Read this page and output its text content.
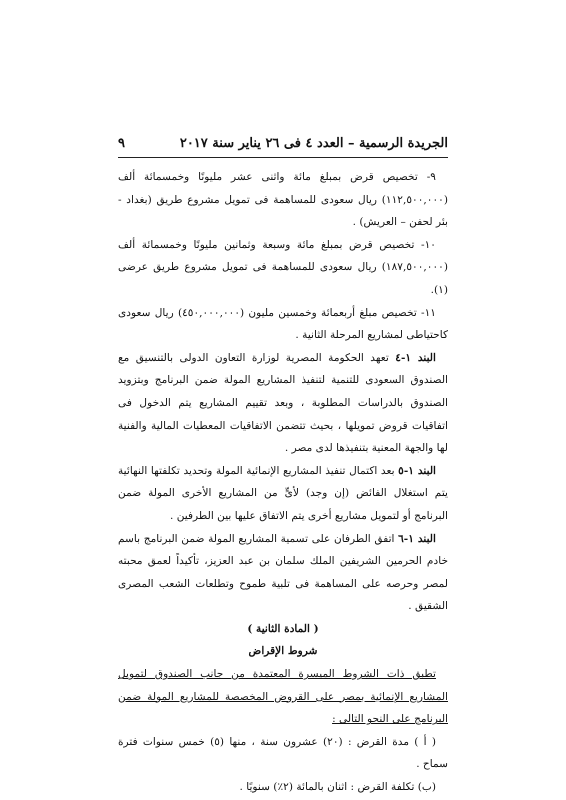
٩	الجريدة الرسمية – العدد ٤ فى ٢٦ يناير سنة ٢٠١٧

٩- تخصيص قرض بمبلغ مائة واثنى عشر مليونًا وخمسمائة ألف (١١٢,٥٠٠,٠٠٠) ريال سعودى للمساهمة فى تمويل مشروع طريق (بغداد - بئر لحفن – العريش) .

١٠- تخصيص قرض بمبلغ مائة وسبعة وثمانين مليونًا وخمسمائة ألف (١٨٧,٥٠٠,٠٠٠) ريال سعودى للمساهمة فى تمويل مشروع طريق عرضى (١).

١١- تخصيص مبلغ أربعمائة وخمسين مليون (٤٥٠,٠٠٠,٠٠٠) ريال سعودى كاحتياطى لمشاريع المرحلة الثانية .

البند ١-٤ تعهد الحكومة المصرية لوزارة التعاون الدولى بالتنسيق مع الصندوق السعودى للتنمية لتنفيذ المشاريع المولة ضمن البرنامج وبتزويد الصندوق بالدراسات المطلوبة ، وبعد تقييم المشاريع يتم الدخول فى اتفاقيات قروض تمويلها ، بحيث تتضمن الاتفاقيات المعطيات المالية والفنية لها والجهة المعنية بتنفيذها لدى مصر .

البند ١-٥ بعد اكتمال تنفيذ المشاريع الإنمائية المولة وتحديد تكلفتها النهائية يتم استغلال الفائض (إن وجد) لأىٍّ من المشاريع الأخرى المولة ضمن البرنامج أو لتمويل مشاريع أخرى يتم الاتفاق عليها بين الطرفين .

البند ١-٦ اتفق الطرفان على تسمية المشاريع المولة ضمن البرنامج باسم خادم الحرمين الشريفين الملك سلمان بن عبد العزيز، تأكيداً لعمق محبته لمصر وحرصه على المساهمة فى تلبية طموح وتطلعات الشعب المصرى الشقيق .

( المادة الثانية )

شروط الإقراض

تطبق ذات الشروط الميسرة المعتمدة من جانب الصندوق لتمويل المشاريع الإنمائية بمصر على القروض المخصصة للمشاريع المولة ضمن البرنامج على النحو التالى :

( أ ) مدة القرض : (٢٠) عشرون سنة ، منها (٥) خمس سنوات فترة سماح .

(ب) تكلفة القرض : اثنان بالمائة (٢٪) سنويًا .
